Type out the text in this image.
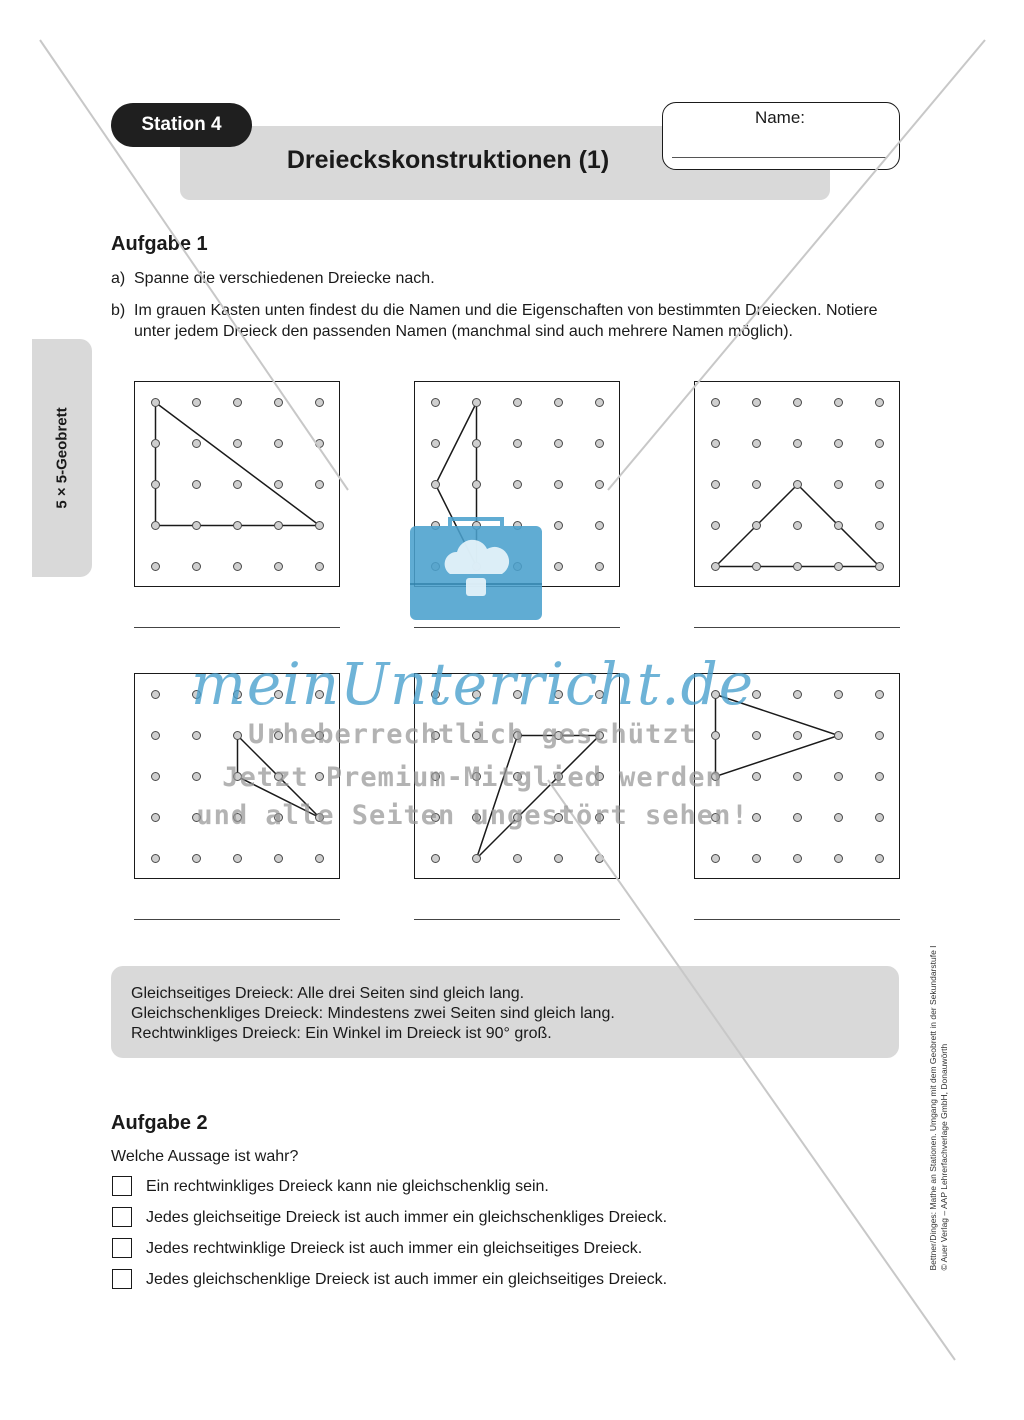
Station 4
Dreieckskonstruktionen (1)
Name:
5 × 5-Geobrett
Aufgabe 1
a) Spanne die verschiedenen Dreiecke nach.
b) Im grauen Kasten unten findest du die Namen und die Eigenschaften von bestimmten Dreiecken. Notiere unter jedem Dreieck den passenden Namen (manchmal sind auch mehrere Namen möglich).
Gleichseitiges Dreieck: Alle drei Seiten sind gleich lang.
Gleichschenkliges Dreieck: Mindestens zwei Seiten sind gleich lang.
Rechtwinkliges Dreieck: Ein Winkel im Dreieck ist 90° groß.
Aufgabe 2
Welche Aussage ist wahr?
Ein rechtwinkliges Dreieck kann nie gleichschenklig sein.
Jedes gleichseitige Dreieck ist auch immer ein gleichschenkliges Dreieck.
Jedes rechtwinklige Dreieck ist auch immer ein gleichseitiges Dreieck.
Jedes gleichschenklige Dreieck ist auch immer ein gleichseitiges Dreieck.
Bettner/Dinges: Mathe an Stationen. Umgang mit dem Geobrett in der Sekundarstufe I © Auer Verlag – AAP Lehrerfachverlage GmbH, Donauwörth
meinUnterricht.de
Urheberrechtlich geschützt
Jetzt Premium-Mitglied werden
und alle Seiten ungestört sehen!
